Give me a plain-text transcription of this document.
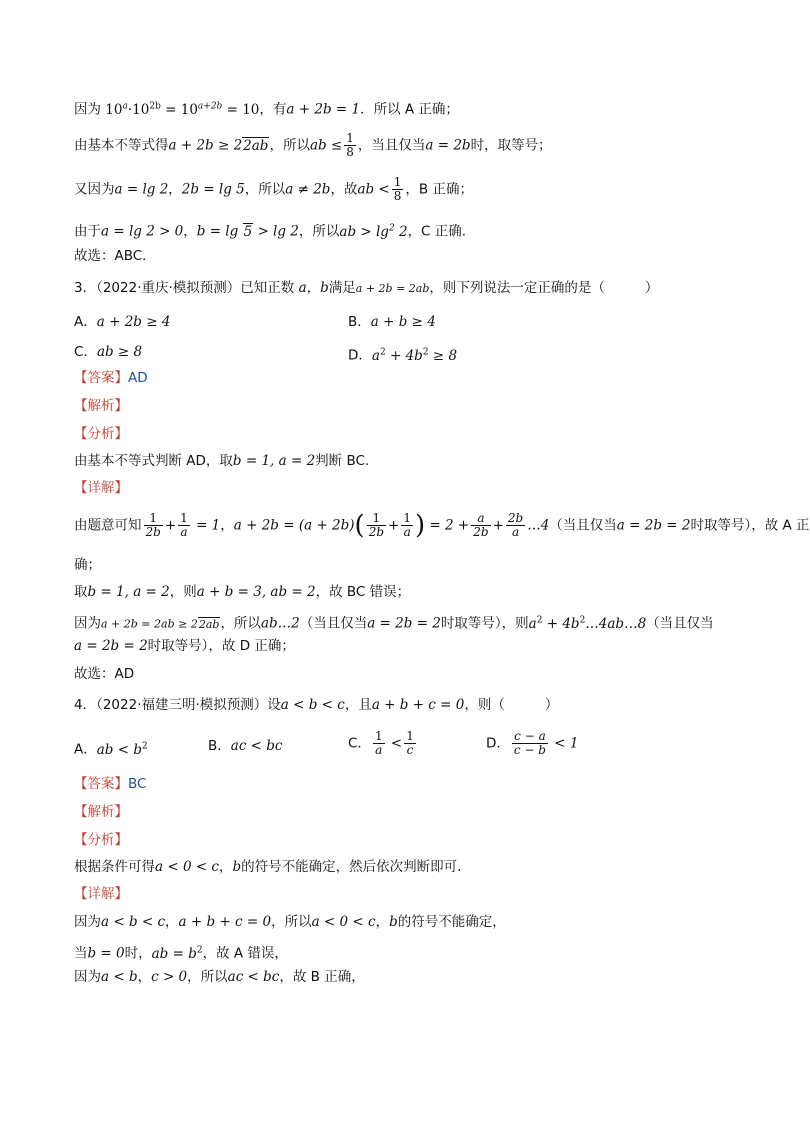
因为 $10^a\cdot 10^{2b} = 10^{a+2b} = 10$，有a + 2b = 1．所以 A 正确；
由基本不等式得a + 2b ≥ 22ab，所以ab ≤ $\frac{1}{8}$ ，当且仅当a = 2b时，取等号；
又因为a = lg 2，2b = lg 5，所以a ≠ 2b，故ab < $\frac{1}{8}$ ，B 正确；
由于a = lg 2 > 0，b = lg 5 > lg 2，所以ab > $\lg^2 2$，C 正确.
故选：ABC．
3．（2022·重庆·模拟预测）已知正数 a，b满足a + 2b = 2ab，则下列说法一定正确的是（	）
A．a + 2b ≥ 4	B．a + b ≥ 4
C．ab ≥ 8	D．$a^2 + 4b^2 \ge 8$
【答案】AD
【解析】
【分析】
由基本不等式判断 AD，取b = 1, a = 2判断 BC.
【详解】
由题意可知 $\frac{1}{2b} + \frac{1}{a} = 1$，$a + 2b = (a + 2b)( \frac{1}{2b} + \frac{1}{a}$ ) = $2 + \frac{a}{2b} + \frac{2b}{a}$ …4（当且仅当a = 2b = 2时取等号），故 A 正
确；
取b = 1, a = 2，则a + b = 3, ab = 2，故 BC 错误；
因为a + 2b = 2ab ≥ 22ab，所以ab…2（当且仅当a = 2b = 2时取等号），则$a^2$ + $4b^2\dots 4ab\dots 8$（当且仅当
a = 2b = 2时取等号），故 D 正确；
故选：AD
4．（2022·福建三明·模拟预测）设a < b < c，且a + b + c = 0，则（	）
A．ab < $b^2$	B．ac < bc	C． $\frac{1}{a} < \frac{1}{c}$	D． $\frac{c - a}{c - b} < 1$
【答案】BC
【解析】
【分析】
根据条件可得a < 0 < c，b的符号不能确定，然后依次判断即可.
【详解】
因为a < b < c，a + b + c = 0，所以a < 0 < c，b的符号不能确定，
当b = 0时，ab = $b^2$，故 A 错误，
因为a < b，c > 0，所以ac < bc，故 B 正确，
